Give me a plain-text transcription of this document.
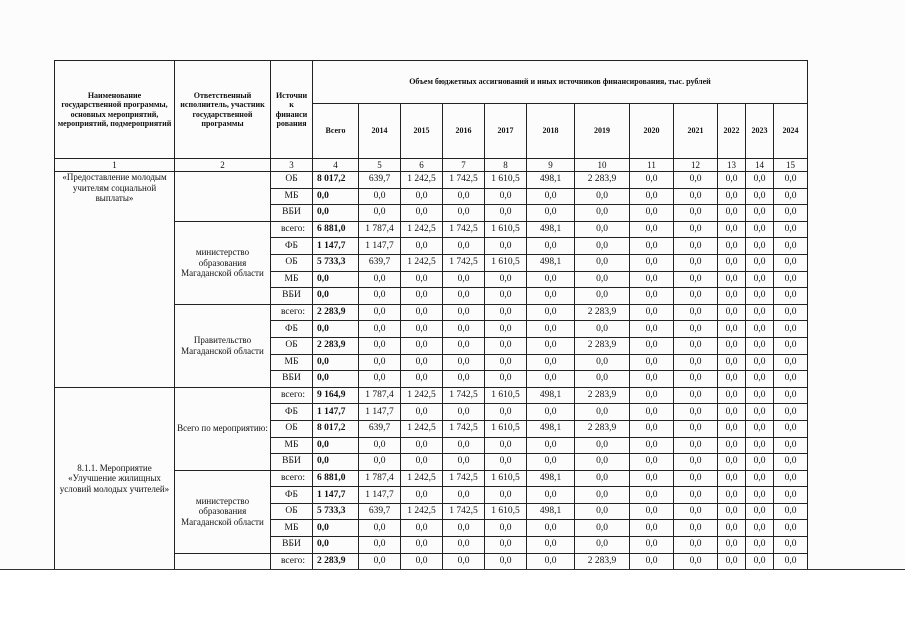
Наименование государственной программы, основных мероприятий, мероприятий, подмероприятий	Ответственный исполнитель, участник государственной программы	Источни к финанси рования	Объем бюджетных ассигнований и иных источников финансирования, тыс. рублей											
			Всего	2014	2015	2016	2017	2018	2019	2020	2021	2022	2023	2024
1	2	3	4	5	6	7	8	9	10	11	12	13	14	15
«Предоставление молодым учителям социальной выплаты»		ОБ	8 017,2	639,7	1 242,5	1 742,5	1 610,5	498,1	2 283,9	0,0	0,0	0,0	0,0	0,0
		МБ	0,0	0,0	0,0	0,0	0,0	0,0	0,0	0,0	0,0	0,0	0,0	0,0
		ВБИ	0,0	0,0	0,0	0,0	0,0	0,0	0,0	0,0	0,0	0,0	0,0	0,0
	министерство образования Магаданской области	всего:	6 881,0	1 787,4	1 242,5	1 742,5	1 610,5	498,1	0,0	0,0	0,0	0,0	0,0	0,0
		ФБ	1 147,7	1 147,7	0,0	0,0	0,0	0,0	0,0	0,0	0,0	0,0	0,0	0,0
		ОБ	5 733,3	639,7	1 242,5	1 742,5	1 610,5	498,1	0,0	0,0	0,0	0,0	0,0	0,0
		МБ	0,0	0,0	0,0	0,0	0,0	0,0	0,0	0,0	0,0	0,0	0,0	0,0
		ВБИ	0,0	0,0	0,0	0,0	0,0	0,0	0,0	0,0	0,0	0,0	0,0	0,0
	Правительство Магаданской области	всего:	2 283,9	0,0	0,0	0,0	0,0	0,0	2 283,9	0,0	0,0	0,0	0,0	0,0
		ФБ	0,0	0,0	0,0	0,0	0,0	0,0	0,0	0,0	0,0	0,0	0,0	0,0
		ОБ	2 283,9	0,0	0,0	0,0	0,0	0,0	2 283,9	0,0	0,0	0,0	0,0	0,0
		МБ	0,0	0,0	0,0	0,0	0,0	0,0	0,0	0,0	0,0	0,0	0,0	0,0
		ВБИ	0,0	0,0	0,0	0,0	0,0	0,0	0,0	0,0	0,0	0,0	0,0	0,0
8.1.1. Мероприятие «Улучшение жилищных условий молодых учителей»	Всего по мероприятию:	всего:	9 164,9	1 787,4	1 242,5	1 742,5	1 610,5	498,1	2 283,9	0,0	0,0	0,0	0,0	0,0
		ФБ	1 147,7	1 147,7	0,0	0,0	0,0	0,0	0,0	0,0	0,0	0,0	0,0	0,0
		ОБ	8 017,2	639,7	1 242,5	1 742,5	1 610,5	498,1	2 283,9	0,0	0,0	0,0	0,0	0,0
		МБ	0,0	0,0	0,0	0,0	0,0	0,0	0,0	0,0	0,0	0,0	0,0	0,0
		ВБИ	0,0	0,0	0,0	0,0	0,0	0,0	0,0	0,0	0,0	0,0	0,0	0,0
	министерство образования Магаданской области	всего:	6 881,0	1 787,4	1 242,5	1 742,5	1 610,5	498,1	0,0	0,0	0,0	0,0	0,0	0,0
		ФБ	1 147,7	1 147,7	0,0	0,0	0,0	0,0	0,0	0,0	0,0	0,0	0,0	0,0
		ОБ	5 733,3	639,7	1 242,5	1 742,5	1 610,5	498,1	0,0	0,0	0,0	0,0	0,0	0,0
		МБ	0,0	0,0	0,0	0,0	0,0	0,0	0,0	0,0	0,0	0,0	0,0	0,0
		ВБИ	0,0	0,0	0,0	0,0	0,0	0,0	0,0	0,0	0,0	0,0	0,0	0,0
		всего:	2 283,9	0,0	0,0	0,0	0,0	0,0	2 283,9	0,0	0,0	0,0	0,0	0,0
